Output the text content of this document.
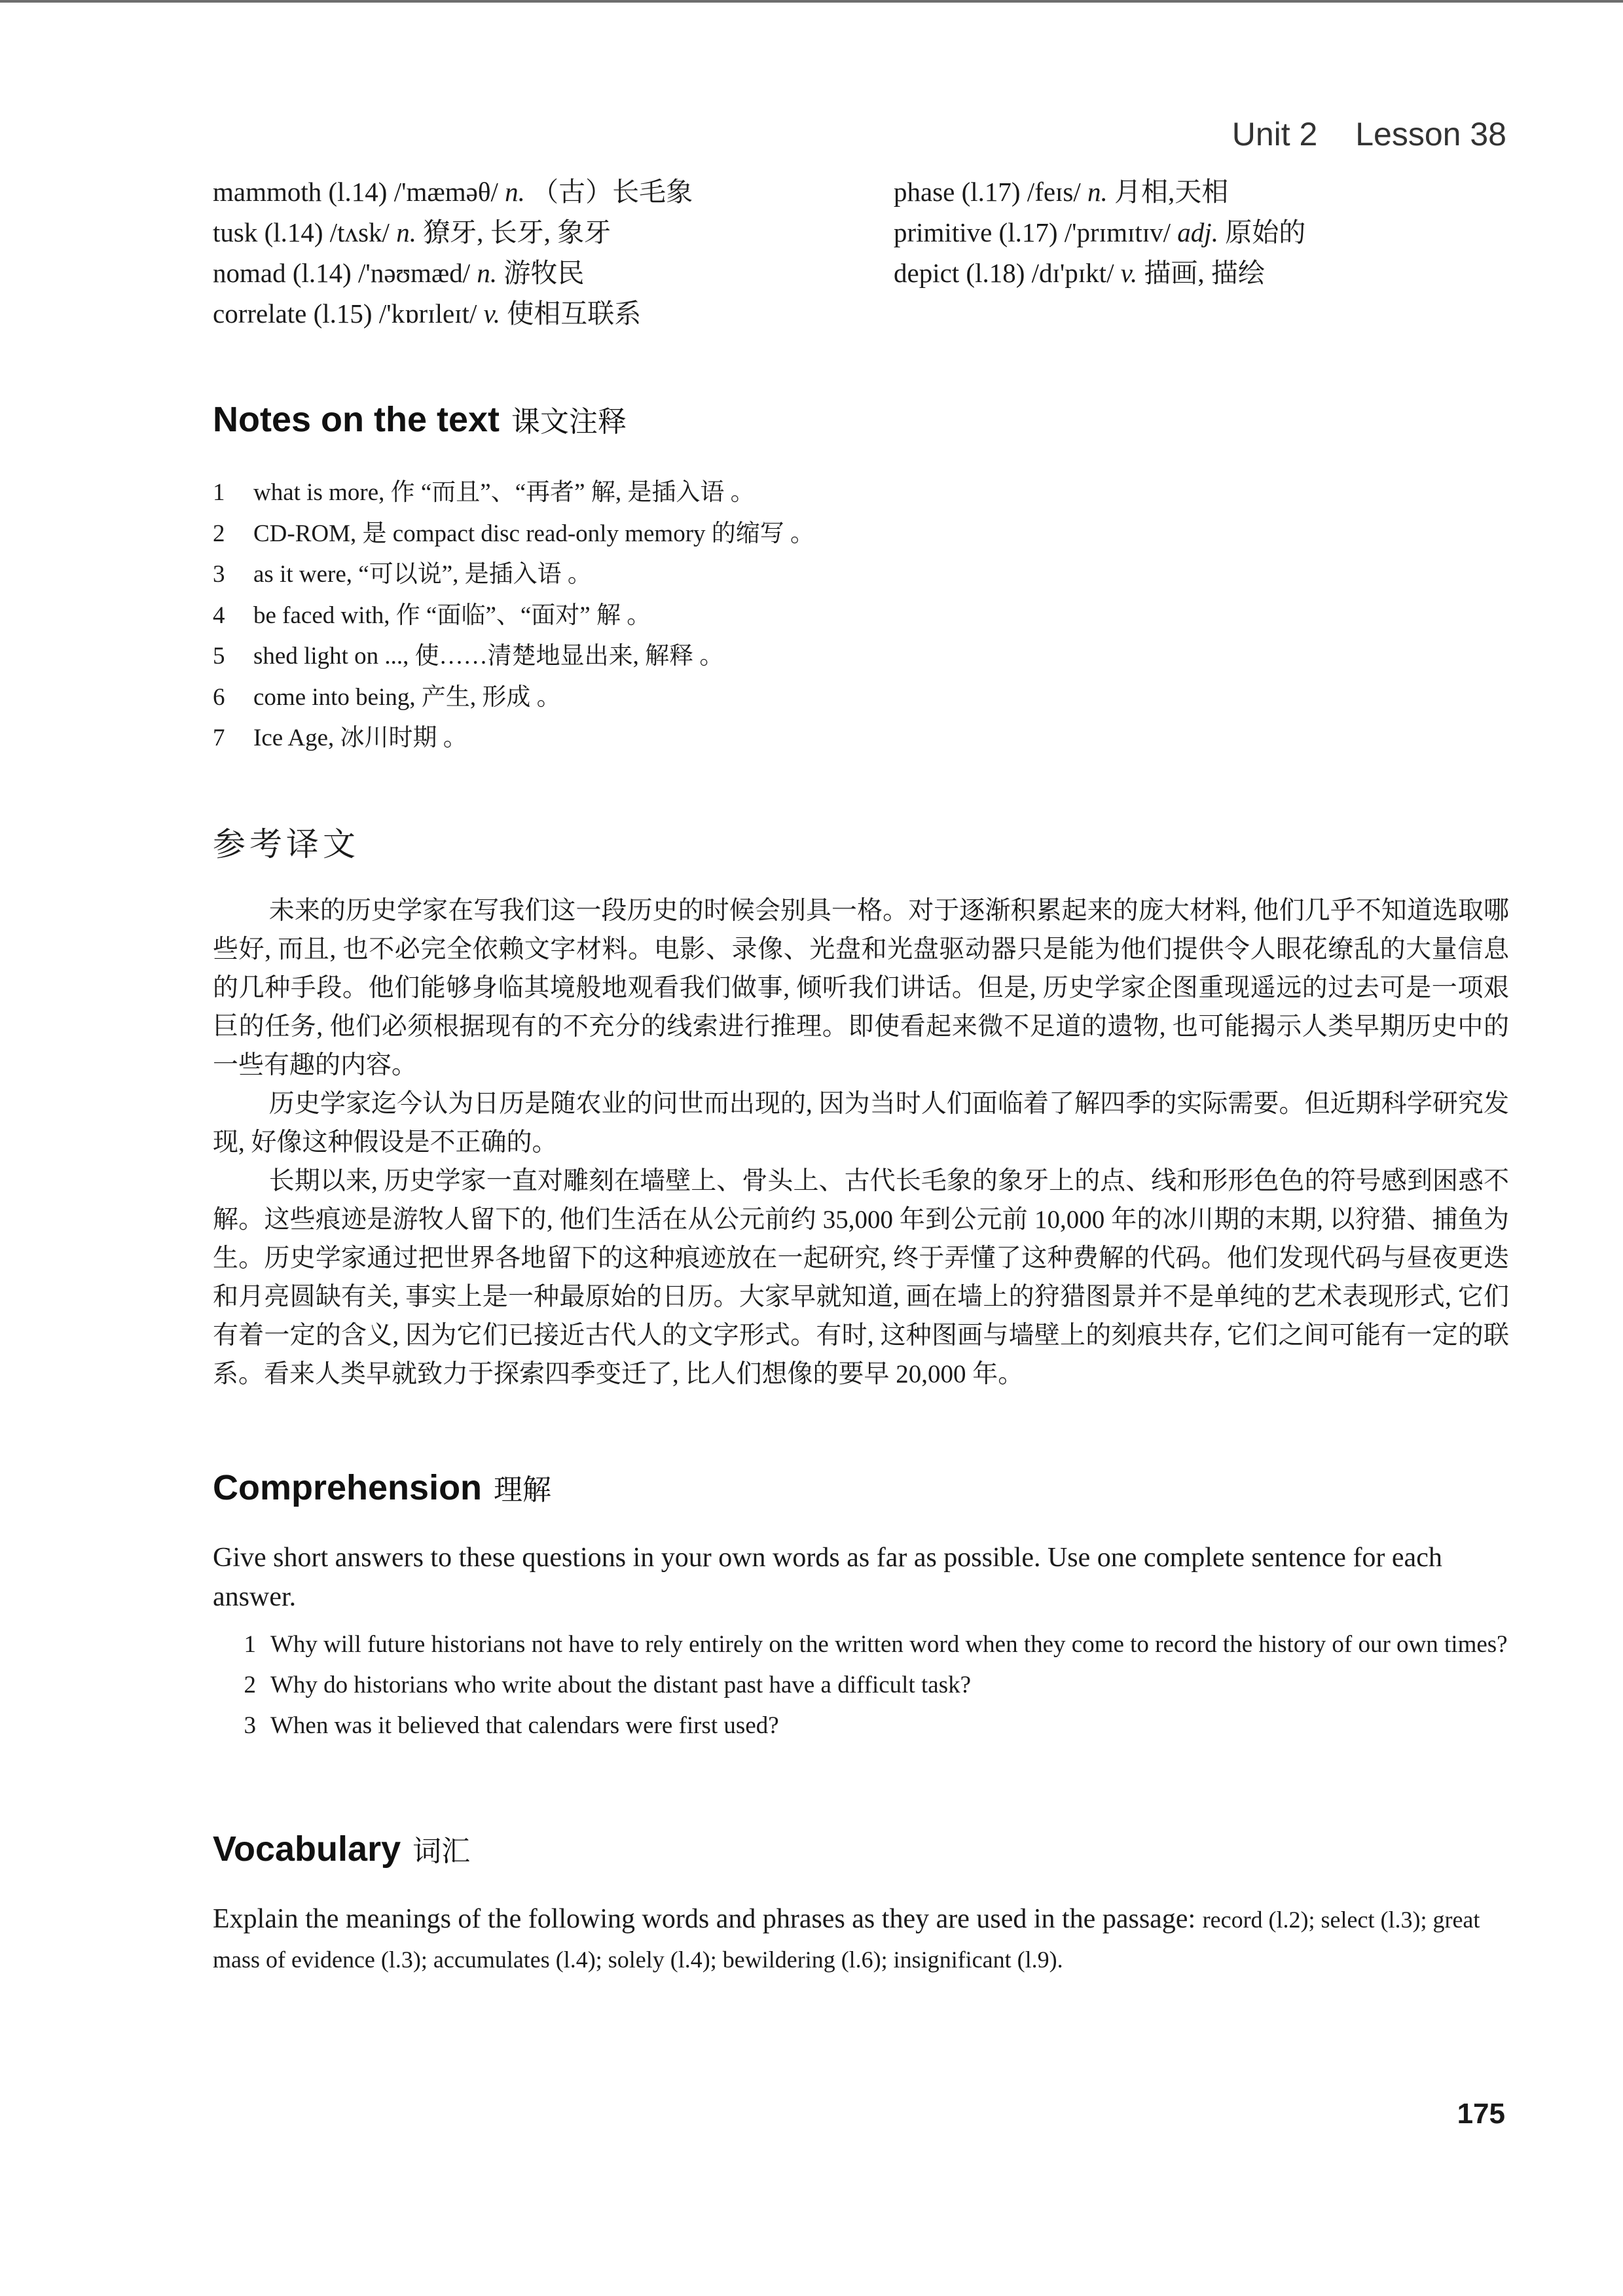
Unit 2 Lesson 38
mammoth (l.14) /'mæməθ/ n. （古）长毛象
tusk (l.14) /tʌsk/ n. 獠牙, 长牙, 象牙
nomad (l.14) /'nəʊmæd/ n. 游牧民
correlate (l.15) /'kɒrɪleɪt/ v. 使相互联系
phase (l.17) /feɪs/ n. 月相,天相
primitive (l.17) /'prɪmɪtɪv/ adj. 原始的
depict (l.18) /dɪ'pɪkt/ v. 描画, 描绘
Notes on the text 课文注释
1 what is more, 作 “而且”、“再者” 解, 是插入语 。
2 CD-ROM, 是 compact disc read-only memory 的缩写 。
3 as it were, “可以说”, 是插入语 。
4 be faced with, 作 “面临”、“面对” 解 。
5 shed light on ..., 使……清楚地显出来, 解释 。
6 come into being, 产生, 形成 。
7 Ice Age, 冰川时期 。
参考译文

未来的历史学家在写我们这一段历史的时候会别具一格。对于逐渐积累起来的庞大材料, 他们几乎不知道选取哪些好, 而且, 也不必完全依赖文字材料。电影、录像、光盘和光盘驱动器只是能为他们提供令人眼花缭乱的大量信息的几种手段。他们能够身临其境般地观看我们做事, 倾听我们讲话。但是, 历史学家企图重现遥远的过去可是一项艰巨的任务, 他们必须根据现有的不充分的线索进行推理。即使看起来微不足道的遗物, 也可能揭示人类早期历史中的一些有趣的内容。

历史学家迄今认为日历是随农业的问世而出现的, 因为当时人们面临着了解四季的实际需要。但近期科学研究发现, 好像这种假设是不正确的。

长期以来, 历史学家一直对雕刻在墙壁上、骨头上、古代长毛象的象牙上的点、线和形形色色的符号感到困惑不解。这些痕迹是游牧人留下的, 他们生活在从公元前约 35,000 年到公元前 10,000 年的冰川期的末期, 以狩猎、捕鱼为生。历史学家通过把世界各地留下的这种痕迹放在一起研究, 终于弄懂了这种费解的代码。他们发现代码与昼夜更迭和月亮圆缺有关, 事实上是一种最原始的日历。大家早就知道, 画在墙上的狩猎图景并不是单纯的艺术表现形式, 它们有着一定的含义, 因为它们已接近古代人的文字形式。有时, 这种图画与墙壁上的刻痕共存, 它们之间可能有一定的联系。看来人类早就致力于探索四季变迁了, 比人们想像的要早 20,000 年。

Comprehension 理解
Give short answers to these questions in your own words as far as possible. Use one complete sentence for each answer.
1 Why will future historians not have to rely entirely on the written word when they come to record the history of our own times?
2 Why do historians who write about the distant past have a difficult task?
3 When was it believed that calendars were first used?
Vocabulary 词汇
Explain the meanings of the following words and phrases as they are used in the passage: record (l.2); select (l.3); great mass of evidence (l.3); accumulates (l.4); solely (l.4); bewildering (l.6); insignificant (l.9).
175
